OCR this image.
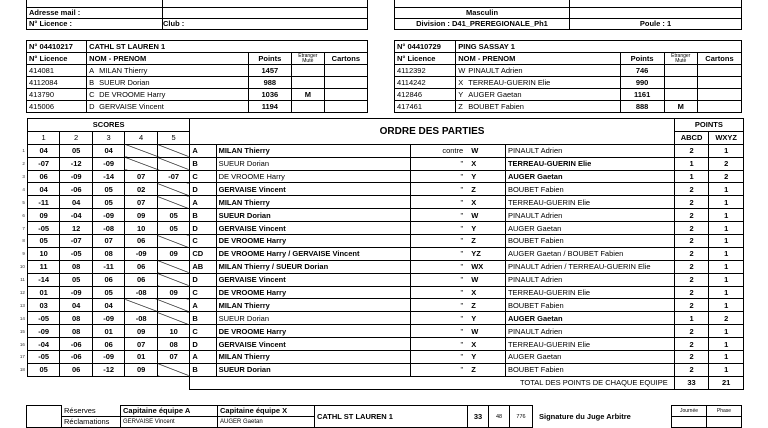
Adresse mail :	
N° Licence :	Club :

Masculin	
Division : D41_PREREGIONALE_Ph1	Poule : 1
N° 04410217	CATHL ST LAUREN 1			
N° Licence	NOM - PRENOM	Points	Etranger Mutè	Cartons
414081	A MILAN Thierry	1457		
4112084	B SUEUR Dorian	988		
413790	C DE VROOME Harry	1036	M	
415006	D GERVAISE Vincent	1194		
N° 04410729	PING SASSAY 1			
N° Licence	NOM - PRENOM	Points	Etranger Mutè	Cartons
4112392	W PINAULT Adrien	746		
4114242	X TERREAU-GUERIN Elie	990		
412846	Y AUGER Gaetan	1161		
417461	Z BOUBET Fabien	888	M	
	SCORES					ORDRE DES PARTIES					POINTS	
	1	2	3	4	5						ABCD	WXYZ
1	04	05	04			A	MILAN Thierry	contre	W	PINAULT Adrien	2	1
2	-07	-12	-09			B	SUEUR Dorian	"	X	TERREAU-GUERIN Elie	1	2
3	06	-09	-14	07	-07	C	DE VROOME Harry	"	Y	AUGER Gaetan	1	2
4	04	-06	05	02		D	GERVAISE Vincent	"	Z	BOUBET Fabien	2	1
5	-11	04	05	07		A	MILAN Thierry	"	X	TERREAU-GUERIN Elie	2	1
6	09	-04	-09	09	05	B	SUEUR Dorian	"	W	PINAULT Adrien	2	1
7	-05	12	-08	10	05	D	GERVAISE Vincent	"	Y	AUGER Gaetan	2	1
8	05	-07	07	06		C	DE VROOME Harry	"	Z	BOUBET Fabien	2	1
9	10	-05	08	-09	09	CD	DE VROOME Harry / GERVAISE Vincent	"	YZ	AUGER Gaetan / BOUBET Fabien	2	1
10	11	08	-11	06		AB	MILAN Thierry / SUEUR Dorian	"	WX	PINAULT Adrien / TERREAU-GUERIN Elie	2	1
11	-14	05	06	06		D	GERVAISE Vincent	"	W	PINAULT Adrien	2	1
12	01	-09	05	-08	09	C	DE VROOME Harry	"	X	TERREAU-GUERIN Elie	2	1
13	03	04	04			A	MILAN Thierry	"	Z	BOUBET Fabien	2	1
14	-05	08	-09	-08		B	SUEUR Dorian	"	Y	AUGER Gaetan	1	2
15	-09	08	01	09	10	C	DE VROOME Harry	"	W	PINAULT Adrien	2	1
16	-04	-06	06	07	08	D	GERVAISE Vincent	"	X	TERREAU-GUERIN Elie	2	1
17	-05	-06	-09	01	07	A	MILAN Thierry	"	Y	AUGER Gaetan	2	1
18	05	06	-12	09		B	SUEUR Dorian	"	Z	BOUBET Fabien	2	1
						TOTAL DES POINTS DE CHAQUE EQUIPE					33	21
	Réserves	Capitaine équipe A	Capitaine équipe X	CATHL ST LAUREN 1	33	48	776	Signature du Juge Arbitre	Journée	Phase
	Réclamations	GERVAISE Vincent	AUGER Gaetan							
